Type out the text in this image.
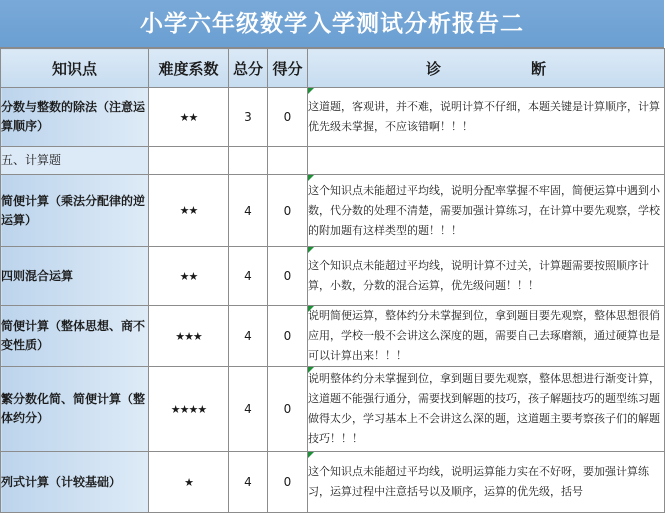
小学六年级数学入学测试分析报告二
知识点	难度系数	总分	得分	诊 断
分数与整数的除法（注意运算顺序）	★★	3	0	这道题，客观讲，并不难，说明计算不仔细，本题关键是计算顺序，计算优先级未掌握，不应该错啊！！！
五、计算题				
简便计算（乘法分配律的逆运算）	★★	4	0	这个知识点未能超过平均线，说明分配率掌握不牢固，简便运算中遇到小数，代分数的处理不清楚，需要加强计算练习，在计算中要先观察，学校的附加题有这样类型的题！！！
四则混合运算	★★	4	0	这个知识点未能超过平均线，说明计算不过关，计算题需要按照顺序计算，小数，分数的混合运算，优先级问题！！！
简便计算（整体思想、商不变性质）	★★★	4	0	说明简便运算，整体约分未掌握到位，拿到题目要先观察，整体思想很俏应用，学校一般不会讲这么深度的题，需要自己去琢磨额，通过硬算也是可以计算出来！！！
繁分数化简、简便计算（整体约分）	★★★★	4	0	说明整体约分未掌握到位，拿到题目要先观察，整体思想进行渐变计算，这道题不能强行通分，需要找到解题的技巧，孩子解题技巧的题型练习题做得太少，学习基本上不会讲这么深的题，这道题主要考察孩子们的解题技巧！！！
列式计算（计较基础）	★	4	0	这个知识点未能超过平均线，说明运算能力实在不好呀，要加强计算练习，运算过程中注意括号以及顺序，运算的优先级，括号
